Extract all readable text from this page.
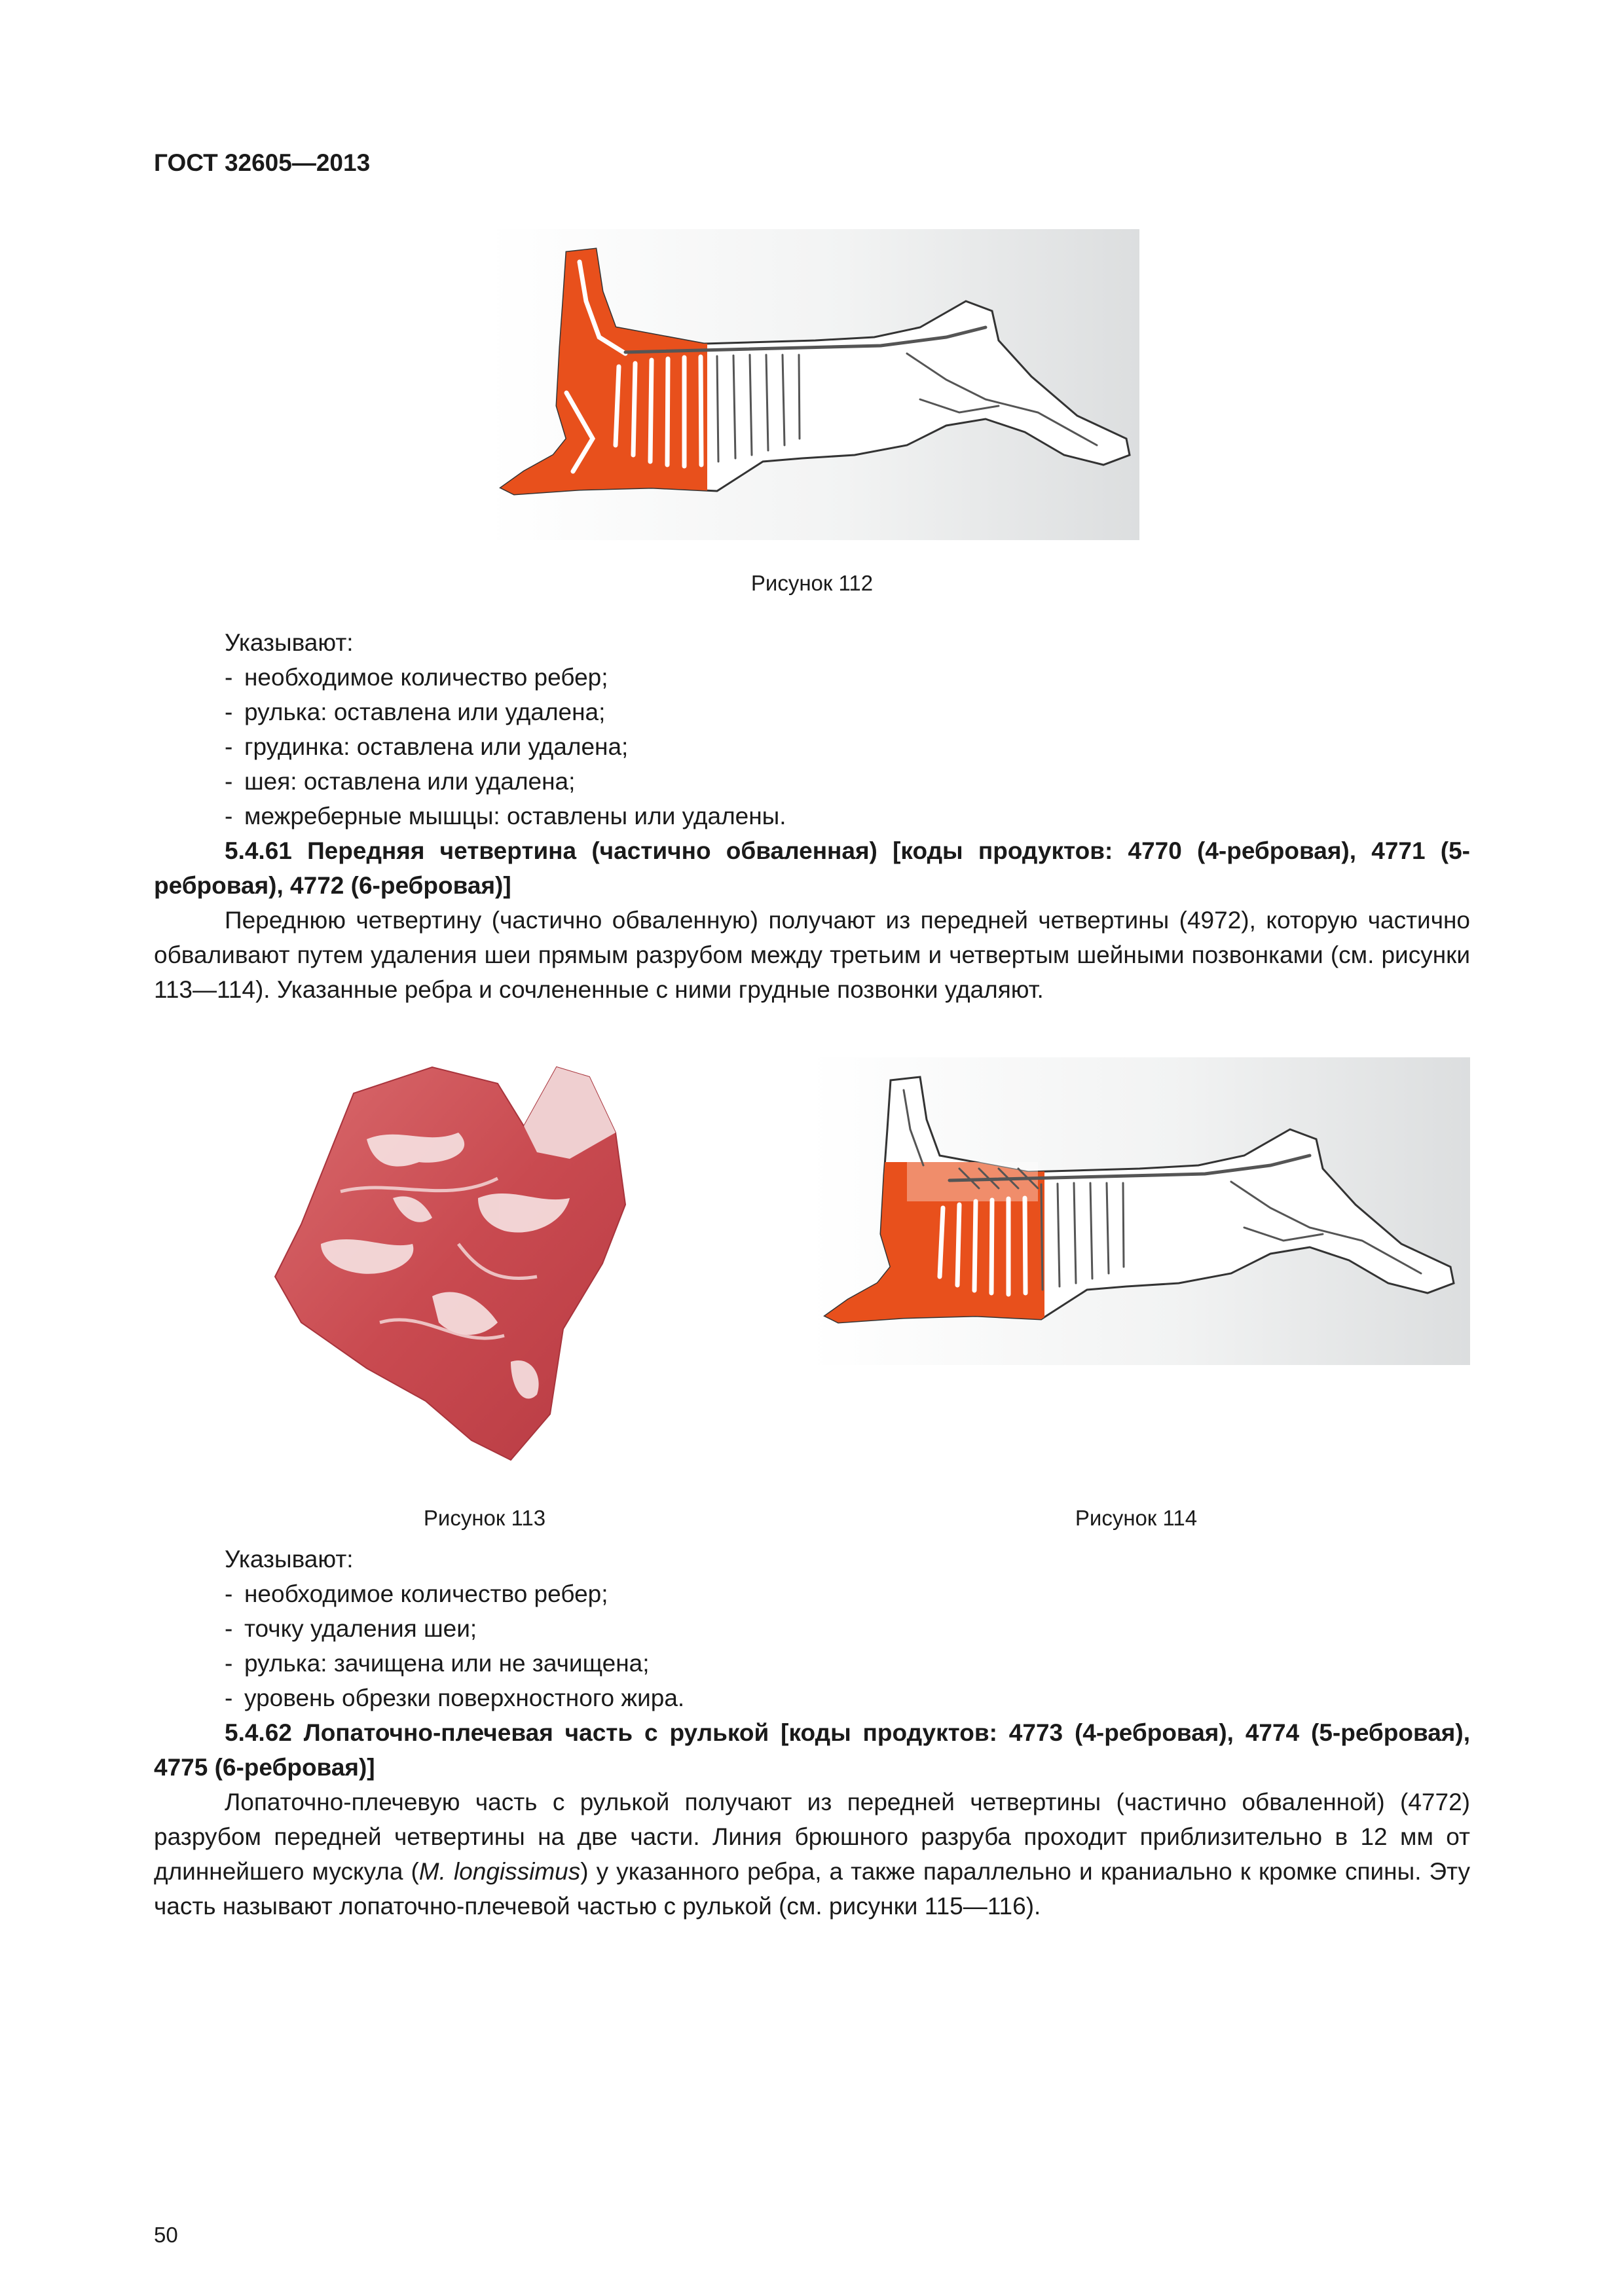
ГОСТ 32605—2013
Рисунок 112

Указывают:

- необходимое количество ребер;
- рулька: оставлена или удалена;
- грудинка: оставлена или удалена;
- шея: оставлена или удалена;
- межреберные мышцы: оставлены или удалены.

5.4.61 Передняя четвертина (частично обваленная) [коды продуктов: 4770 (4-ребровая), 4771 (5-ребровая), 4772 (6-ребровая)]

Переднюю четвертину (частично обваленную) получают из передней четвертины (4972), которую частично обваливают путем удаления шеи прямым разрубом между третьим и четвертым шейными позвонками (см. рисунки 113—114). Указанные ребра и сочлененные с ними грудные позвонки удаляют.

Рисунок 113	Рисунок 114

Указывают:

- необходимое количество ребер;
- точку удаления шеи;
- рулька: зачищена или не зачищена;
- уровень обрезки поверхностного жира.

5.4.62 Лопаточно-плечевая часть с рулькой [коды продуктов: 4773 (4-ребровая), 4774 (5-ребровая), 4775 (6-ребровая)]

Лопаточно-плечевую часть с рулькой получают из передней четвертины (частично обваленной) (4772) разрубом передней четвертины на две части. Линия брюшного разруба проходит приблизительно в 12 мм от длиннейшего мускула (M. longissimus) у указанного ребра, а также параллельно и краниально к кромке спины. Эту часть называют лопаточно-плечевой частью с рулькой (см. рисунки 115—116).

50
